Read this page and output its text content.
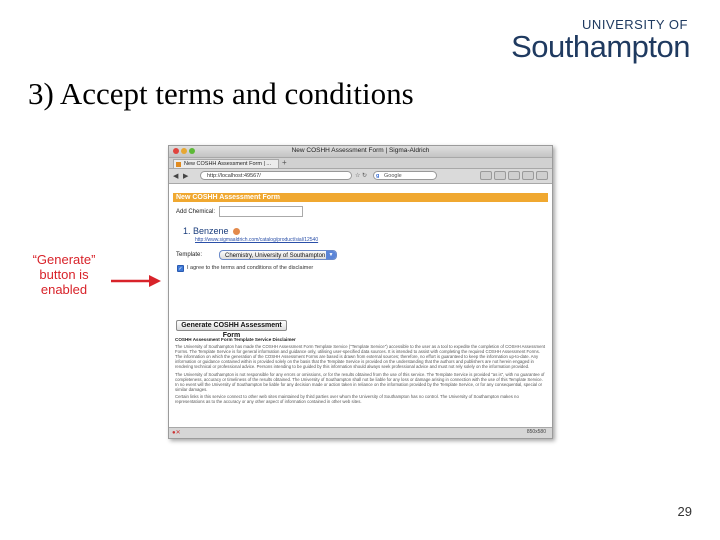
UNIVERSITY OF
Southampton
3) Accept terms and conditions
“Generate” button is enabled
29
New COSHH Assessment Form | Sigma-Aldrich
New COSHH Assessment Form | ...	+
◀ ▶	http://localhost:49567/	☆ ↻ g Google
New COSHH Assessment Form
Add Chemical:
1. Benzene
http://www.sigmaaldrich.com/catalog/product/sial/12540
Template:	Chemistry, University of Southampton ▼
✓ I agree to the terms and conditions of the disclaimer
Generate COSHH Assessment Form
COSHH Assessment Form Template Service Disclaimer

The University of Southampton has made the COSHH Assessment Form Template Service ("Template Service") accessible to the user as a tool to expedite the completion of COSHH Assessment Forms. The Template Service is for general information and guidance only, utilising user-specified data sources. It is intended to assist with completing the required COSHH Assessment Forms. The information on which the generation of the COSHH Assessment Forms are based is drawn from external sources; therefore, no effort is guaranteed to keep the information up-to-date. Any information or guidance contained within is provided solely on the basis that the Template Service is provided on the understanding that the authors and publishers are not herein engaged in rendering technical or professional advice. Persons intending to be guided by this information should always seek professional advice and must not rely solely on the information provided.

The University of Southampton is not responsible for any errors or omissions, or for the results obtained from the use of this service. The Template Service is provided "as is", with no guarantee of completeness, accuracy or timeliness of the results obtained. The University of Southampton shall not be liable for any loss or damage arising in connection with the use of this Template Service. In no event will the University of Southampton be liable for any decision made or action taken in reliance on the information provided by the Template Service, or for any consequential, special or similar damages.

Certain links in this service connect to other web sites maintained by third parties over whom the University of Southampton has no control. The University of Southampton makes no representations as to the accuracy or any other aspect of information contained in other web sites.

●✕	850x580
